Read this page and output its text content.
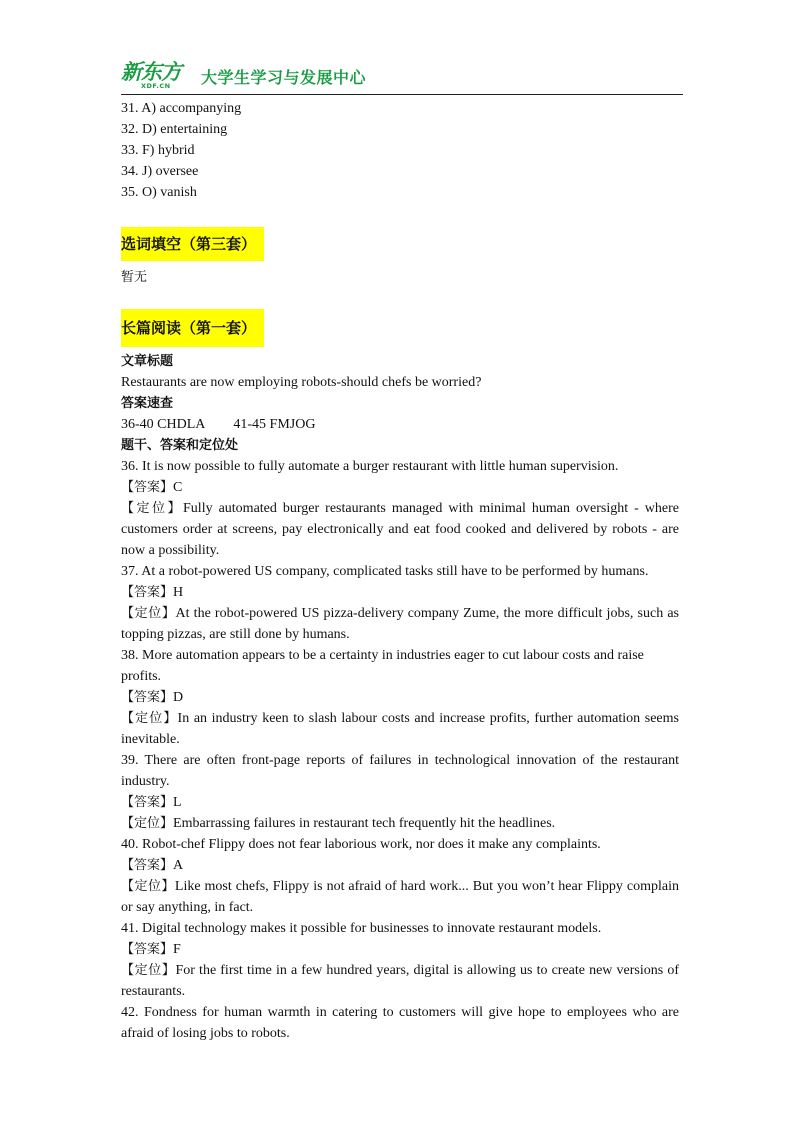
新东方
XDF.CN 大学生学习与发展中心

31. A) accompanying

32. D) entertaining

33. F) hybrid

34. J) oversee

35. O) vanish

选词填空（第三套）

暂无

长篇阅读（第一套）

文章标题

Restaurants are now employing robots-should chefs be worried?

答案速查

36-40 CHDLA 41-45 FMJOG

题干、答案和定位处

36. It is now possible to fully automate a burger restaurant with little human supervision.

【答案】C

【定位】Fully automated burger restaurants managed with minimal human oversight - where customers order at screens, pay electronically and eat food cooked and delivered by robots - are now a possibility.

37. At a robot-powered US company, complicated tasks still have to be performed by humans.

【答案】H

【定位】At the robot-powered US pizza-delivery company Zume, the more difficult jobs, such as topping pizzas, are still done by humans.

38. More automation appears to be a certainty in industries eager to cut labour costs and raise profits.

【答案】D

【定位】In an industry keen to slash labour costs and increase profits, further automation seems inevitable.

39. There are often front-page reports of failures in technological innovation of the restaurant industry.

【答案】L

【定位】Embarrassing failures in restaurant tech frequently hit the headlines.

40. Robot-chef Flippy does not fear laborious work, nor does it make any complaints.

【答案】A

【定位】Like most chefs, Flippy is not afraid of hard work... But you won’t hear Flippy complain or say anything, in fact.

41. Digital technology makes it possible for businesses to innovate restaurant models.

【答案】F

【定位】For the first time in a few hundred years, digital is allowing us to create new versions of restaurants.

42. Fondness for human warmth in catering to customers will give hope to employees who are afraid of losing jobs to robots.
